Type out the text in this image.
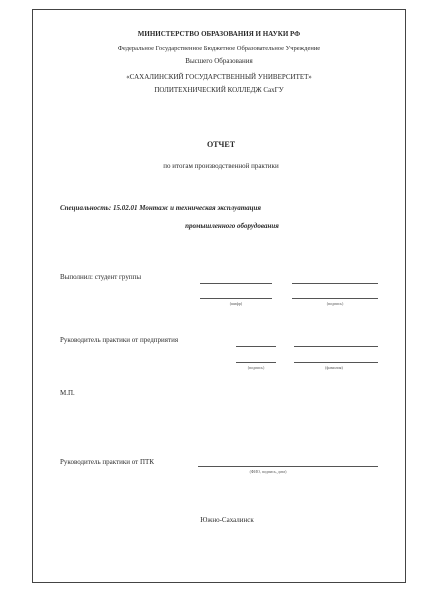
МИНИСТЕРСТВО ОБРАЗОВАНИЯ И НАУКИ РФ
Федеральное Государственное Бюджетное Образовательное Учреждение
Высшего Образования
«САХАЛИНСКИЙ ГОСУДАРСТВЕННЫЙ УНИВЕРСИТЕТ»
ПОЛИТЕХНИЧЕСКИЙ КОЛЛЕДЖ СахГУ
ОТЧЕТ
по итогам производственной практики
Специальность: 15.02.01 Монтаж и техническая эксплуатация
промышленного оборудования
Выполнил: студент группы
(шифр)	(подпись)
Руководитель практики от предприятия
(подпись)	(фамилия)
М.П.
Руководитель практики от ПТК
(ФИО, подпись, дата)
Южно-Сахалинск
